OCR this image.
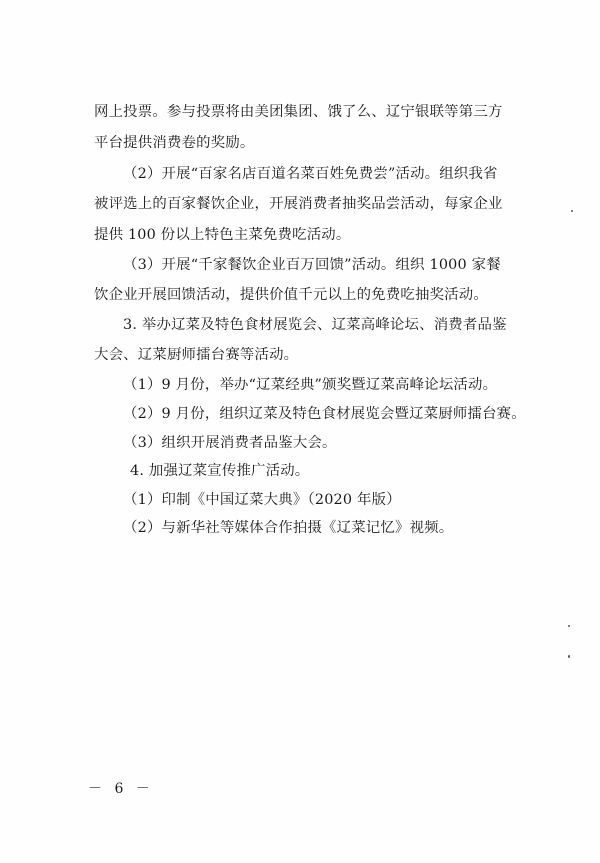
网上投票。参与投票将由美团集团、饿了么、辽宁银联等第三方
平台提供消费卷的奖励。
（2）开展“百家名店百道名菜百姓免费尝”活动。组织我省
被评选上的百家餐饮企业，开展消费者抽奖品尝活动，每家企业
提供 100 份以上特色主菜免费吃活动。
（3）开展“千家餐饮企业百万回馈”活动。组织 1000 家餐
饮企业开展回馈活动，提供价值千元以上的免费吃抽奖活动。
3. 举办辽菜及特色食材展览会、辽菜高峰论坛、消费者品鉴
大会、辽菜厨师擂台赛等活动。
（1）9 月份，举办“辽菜经典”颁奖暨辽菜高峰论坛活动。
（2）9 月份，组织辽菜及特色食材展览会暨辽菜厨师擂台赛。
（3）组织开展消费者品鉴大会。
4. 加强辽菜宣传推广活动。
（1）印制《中国辽菜大典》（2020 年版）
（2）与新华社等媒体合作拍摄《辽菜记忆》视频。
－ 6 －
